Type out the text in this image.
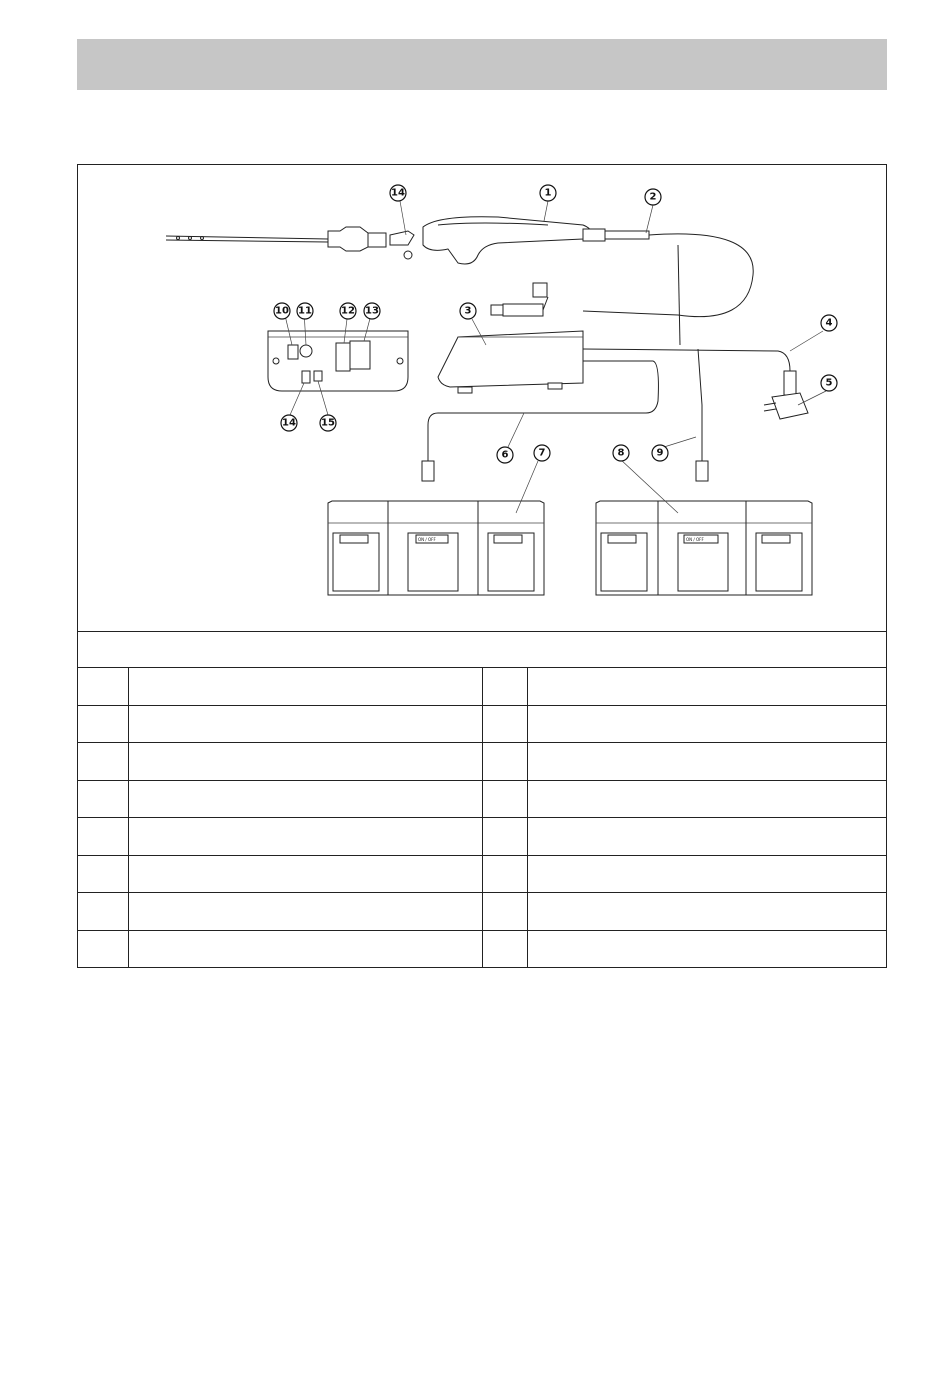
ON / OFF	ON / OFF
1	2
3
4
5
6	7	8	9
10 11	12 13
14
14	15
